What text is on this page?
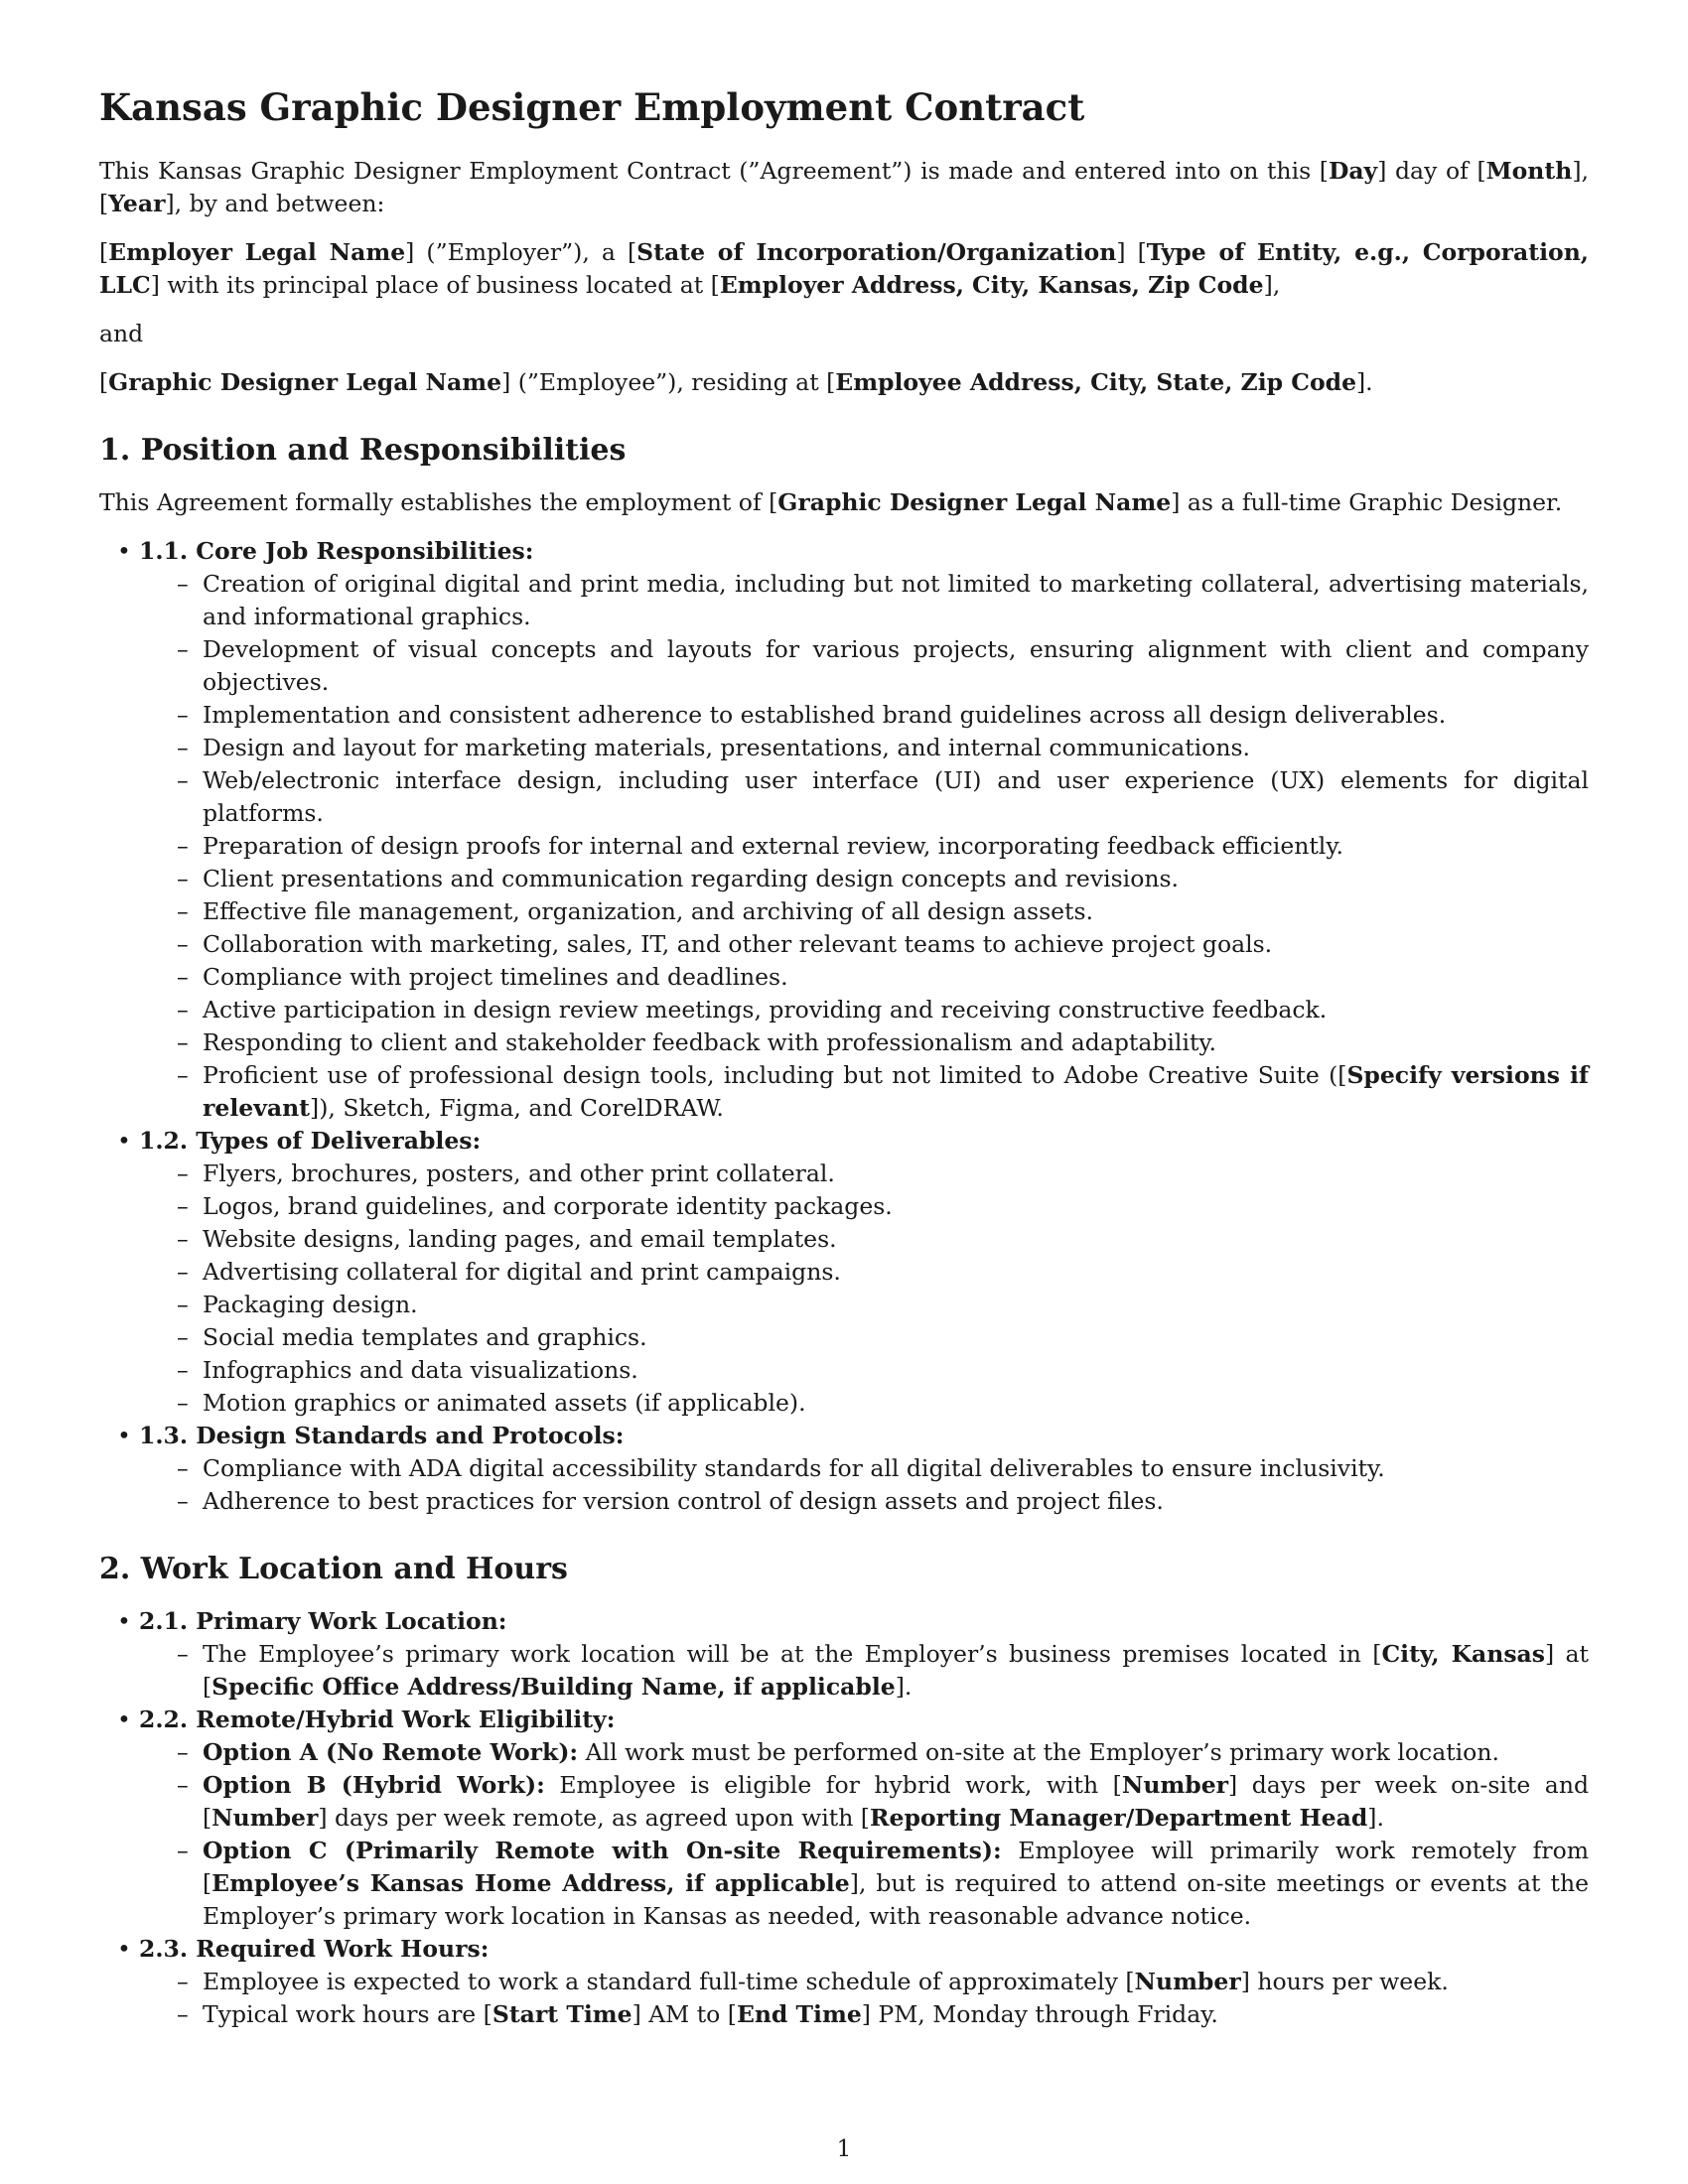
Kansas Graphic Designer Employment Contract

This Kansas Graphic Designer Employment Contract (”Agreement”) is made and entered into on this [Day] day of [Month], [Year], by and between:

[Employer Legal Name] (”Employer”), a [State of Incorporation/Organization] [Type of Entity, e.g., Corporation, LLC] with its principal place of business located at [Employer Address, City, Kansas, Zip Code],

and

[Graphic Designer Legal Name] (”Employee”), residing at [Employee Address, City, State, Zip Code].

1. Position and Responsibilities

This Agreement formally establishes the employment of [Graphic Designer Legal Name] as a full-time Graphic Designer.

• 1.1. Core Job Responsibilities:
– Creation of original digital and print media, including but not limited to marketing collateral, advertising materials, and informational graphics.
– Development of visual concepts and layouts for various projects, ensuring alignment with client and company objectives.
– Implementation and consistent adherence to established brand guidelines across all design deliverables.
– Design and layout for marketing materials, presentations, and internal communications.
– Web/electronic interface design, including user interface (UI) and user experience (UX) elements for digital platforms.
– Preparation of design proofs for internal and external review, incorporating feedback efficiently.
– Client presentations and communication regarding design concepts and revisions.
– Effective file management, organization, and archiving of all design assets.
– Collaboration with marketing, sales, IT, and other relevant teams to achieve project goals.
– Compliance with project timelines and deadlines.
– Active participation in design review meetings, providing and receiving constructive feedback.
– Responding to client and stakeholder feedback with professionalism and adaptability.
– Proficient use of professional design tools, including but not limited to Adobe Creative Suite ([Specify versions if relevant]), Sketch, Figma, and CorelDRAW.
• 1.2. Types of Deliverables:
– Flyers, brochures, posters, and other print collateral.
– Logos, brand guidelines, and corporate identity packages.
– Website designs, landing pages, and email templates.
– Advertising collateral for digital and print campaigns.
– Packaging design.
– Social media templates and graphics.
– Infographics and data visualizations.
– Motion graphics or animated assets (if applicable).
• 1.3. Design Standards and Protocols:
– Compliance with ADA digital accessibility standards for all digital deliverables to ensure inclusivity.
– Adherence to best practices for version control of design assets and project files.
2. Work Location and Hours
• 2.1. Primary Work Location:
– The Employee’s primary work location will be at the Employer’s business premises located in [City, Kansas] at [Specific Office Address/Building Name, if applicable].
• 2.2. Remote/Hybrid Work Eligibility:
– Option A (No Remote Work): All work must be performed on-site at the Employer’s primary work location.
– Option B (Hybrid Work): Employee is eligible for hybrid work, with [Number] days per week on-site and [Number] days per week remote, as agreed upon with [Reporting Manager/Department Head].
– Option C (Primarily Remote with On-site Requirements): Employee will primarily work remotely from [Employee’s Kansas Home Address, if applicable], but is required to attend on-site meetings or events at the Employer’s primary work location in Kansas as needed, with reasonable advance notice.
• 2.3. Required Work Hours:
– Employee is expected to work a standard full-time schedule of approximately [Number] hours per week.
– Typical work hours are [Start Time] AM to [End Time] PM, Monday through Friday.
1
